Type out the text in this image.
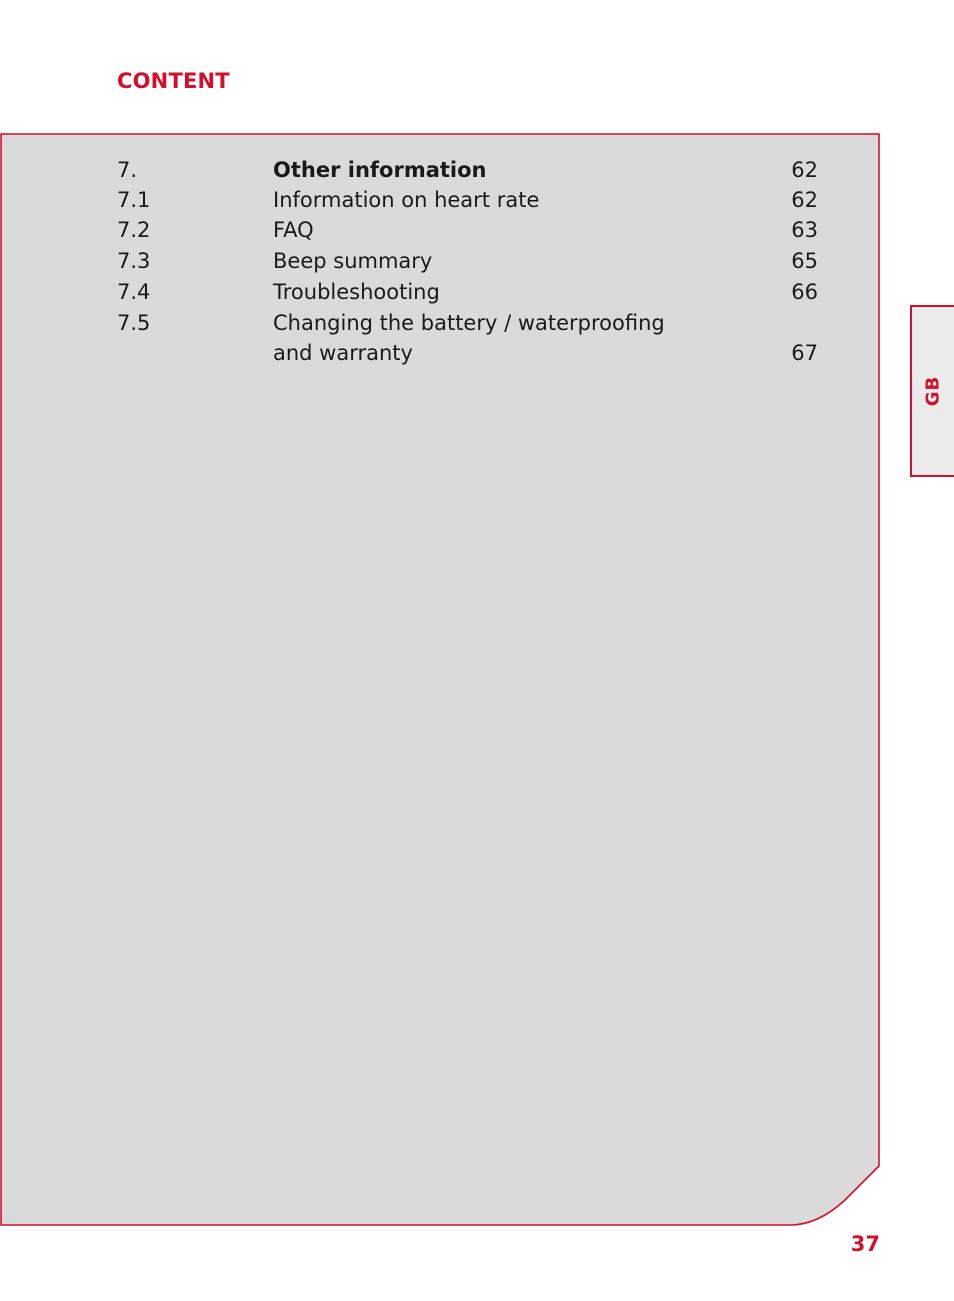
CONTENT
7.	Other information	62
7.1	Information on heart rate	62
7.2	FAQ	63
7.3	Beep summary	65
7.4	Troubleshooting	66
7.5	Changing the battery / waterproofing
and warranty	67
GB
37
